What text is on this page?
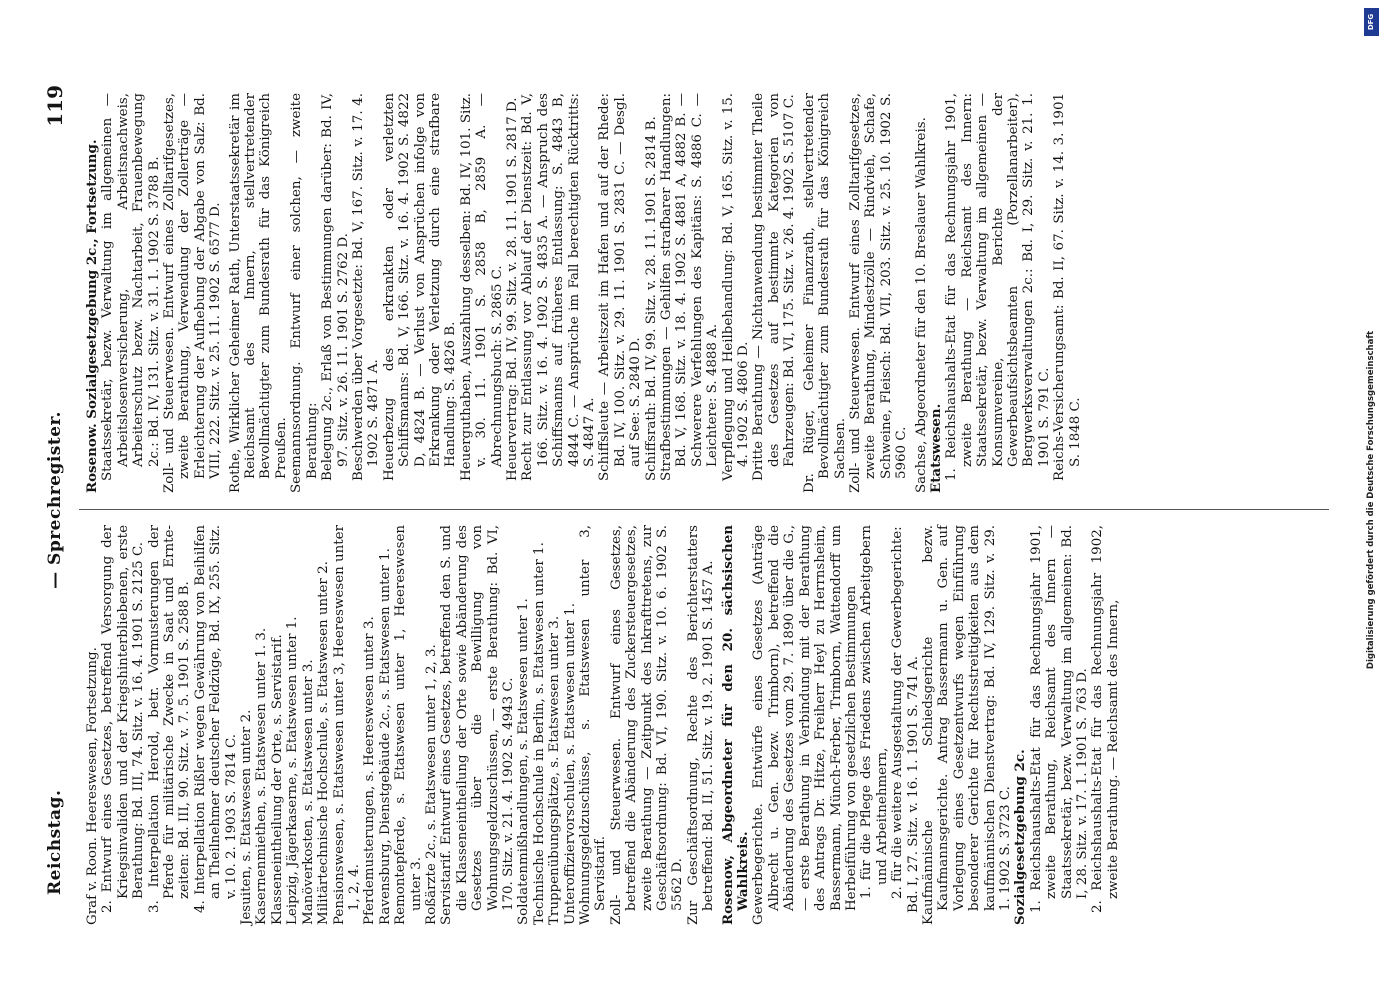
Reichstag.
— Sprechregister.
119

Graf v. Roon. Heereswesen, Fortsetzung. 2. Entwurf eines Gesetzes, betreffend Versorgung der Kriegsinvaliden und der Kriegshinterbliebenen, erste Berathung: Bd. III, 74. Sitz. v. 16. 4. 1901 S. 2125 C. 3. Interpellation Herold, betr. Vormusterungen der Pferde für militärische Zwecke in Saat und Erntezeiten: Bd. III, 90. Sitz. v. 7. 5. 1901 S. 2588 B. 4. Interpellation Rißler wegen Gewährung von Beihilfen an Theilnehmer deutscher Feldzüge, Bd. IX, 255. Sitz. v. 10. 2. 1903 S. 7814 C. Jesuiten, s. Etatswesen unter 2. Kasernenmiethen, s. Etatswesen unter 1. 3. Klasseneintheilung der Orte, s. Servistarif. Leipzig, Jägerkaserne, s. Etatswesen unter 1. Manöverkosten, s. Etatswesen unter 3. Militärtechnische Hochschule, s. Etatswesen unter 2. Pensionswesen, s. Etatswesen unter 3, Heereswesen unter 1, 2, 4. Pferdemusterungen, s. Heereswesen unter 3. Ravensburg, Dienstgebäude 2c., s. Etatswesen unter 1. Remontepferde, s. Etatswesen unter 1, Heereswesen unter 3. Roßärzte 2c., s. Etatswesen unter 1, 2, 3. Servistarif. Entwurf eines Gesetzes, betreffend den S. und die Klasseneintheilung der Orte sowie Abänderung des Gesetzes über die Bewilligung von Wohnungsgeldzuschüssen, — erste Berathung: Bd. VI, 170. Sitz. v. 21. 4. 1902 S. 4943 C. Soldatenmißhandlungen, s. Etatswesen unter 1. Technische Hochschule in Berlin, s. Etatswesen unter 1. Truppenübungsplätze, s. Etatswesen unter 3. Unteroffiziervorschulen, s. Etatswesen unter 1. Wohnungsgeldzuschüsse, s. Etatswesen unter 3, Servistarif. Zoll- und Steuerwesen. Entwurf eines Gesetzes, betreffend die Abänderung des Zuckersteuergesetzes, zweite Berathung — Zeitpunkt des Inkrafttretens, zur Geschäftsordnung: Bd. VI, 190. Sitz. v. 10. 6. 1902 S. 5562 D. Zur Geschäftsordnung, Rechte des Berichterstatters betreffend: Bd. II, 51. Sitz. v. 19. 2. 1901 S. 1457 A. Rosenow, Abgeordneter für den 20. sächsischen Wahlkreis. Gewerbegerichte. Entwürfe eines Gesetzes (Anträge Albrecht u. Gen. bezw. Trimborn), betreffend die Abänderung des Gesetzes vom 29. 7. 1890 über die G., — erste Berathung in Verbindung mit der Berathung des Antrags Dr. Hitze, Freiherr Heyl zu Herrnsheim, Bassermann, Münch-Ferber, Trimborn, Wattendorff um Herbeiführung von gesetzlichen Bestimmungen 1. für die Pflege des Friedens zwischen Arbeitgebern und Arbeitnehmern, 2. für die weitere Ausgestaltung der Gewerbegerichte: Bd. I, 27. Sitz. v. 16. 1. 1901 S. 741 A. Kaufmännische Schiedsgerichte bezw. Kaufmannsgerichte. Antrag Bassermann u. Gen. auf Vorlegung eines Gesetzentwurfs wegen Einführung besonderer Gerichte für Rechtsstreitigkeiten aus dem kaufmännischen Dienstvertrag: Bd. IV, 129. Sitz. v. 29. 1. 1902 S. 3723 C. Sozialgesetzgebung 2c. 1. Reichshaushalts-Etat für das Rechnungsjahr 1901, zweite Berathung, Reichsamt des Innern — Staatssekretär, bezw. Verwaltung im allgemeinen: Bd. I, 28. Sitz. v. 17. 1. 1901 S. 763 D. 2. Reichshaushalts-Etat für das Rechnungsjahr 1902, zweite Berathung. — Reichsamt des Innern,

Rosenow. Sozialgesetzgebung 2c., Fortsetzung. Staatssekretär, bezw. Verwaltung im allgemeinen — Arbeitslosenversicherung, Arbeitsnachweis, Arbeiterschutz bezw. Nachtarbeit, Frauenbewegung 2c.: Bd. IV, 131. Sitz. v. 31. 1. 1902 S. 3788 B. Zoll- und Steuerwesen. Entwurf eines Zolltarifgesetzes, zweite Berathung, Verwendung der Zollerträge — Erleichterung der Aufhebung der Abgabe von Salz: Bd. VIII, 222. Sitz. v. 25. 11. 1902 S. 6577 D. Rothe, Wirklicher Geheimer Rath, Unterstaatssekretär im Reichsamt des Innern, stellvertretender Bevollmächtigter zum Bundesrath für das Königreich Preußen. Seemannsordnung. Entwurf einer solchen, — zweite Berathung: Belegung 2c., Erlaß von Bestimmungen darüber: Bd. IV, 97. Sitz. v. 26. 11. 1901 S. 2762 D. Beschwerden über Vorgesetzte: Bd. V, 167. Sitz. v. 17. 4. 1902 S. 4871 A. Heuerbezug des erkrankten oder verletzten Schiffsmanns: Bd. V, 166. Sitz. v. 16. 4. 1902 S. 4822 D, 4824 B. — Verlust von Ansprüchen infolge von Erkrankung oder Verletzung durch eine strafbare Handlung: S. 4826 B. Heuerguthaben, Auszahlung desselben: Bd. IV, 101. Sitz. v. 30. 11. 1901 S. 2858 B, 2859 A. — Abrechnungsbuch: S. 2865 C. Heuervertrag: Bd. IV, 99. Sitz. v. 28. 11. 1901 S. 2817 D. Recht zur Entlassung vor Ablauf der Dienstzeit: Bd. V, 166. Sitz. v. 16. 4. 1902 S. 4835 A. — Anspruch des Schiffsmanns auf früheres Entlassung: S. 4843 B, 4844 C. — Ansprüche im Fall berechtigten Rücktritts: S. 4847 A. Schiffsleute — Arbeitszeit im Hafen und auf der Rhede: Bd. IV, 100. Sitz. v. 29. 11. 1901 S. 2831 C. — Desgl. auf See: S. 2840 D. Schiffsrath: Bd. IV, 99. Sitz. v. 28. 11. 1901 S. 2814 B. Strafbestimmungen — Gehilfen strafbarer Handlungen: Bd. V, 168. Sitz. v. 18. 4. 1902 S. 4881 A, 4882 B. — Schwerere Verfehlungen des Kapitäns: S. 4886 C. — Leichtere: S. 4888 A. Verpflegung und Heilbehandlung: Bd. V, 165. Sitz. v. 15. 4. 1902 S. 4806 D. Dritte Berathung — Nichtanwendung bestimmter Theile des Gesetzes auf bestimmte Kategorien von Fahrzeugen: Bd. VI, 175. Sitz. v. 26. 4. 1902 S. 5107 C. Dr. Rüger, Geheimer Finanzrath, stellvertretender Bevollmächtigter zum Bundesrath für das Königreich Sachsen. Zoll- und Steuerwesen. Entwurf eines Zolltarifgesetzes, zweite Berathung, Mindestzölle — Rindvieh, Schafe, Schweine, Fleisch: Bd. VII, 203. Sitz. v. 25. 10. 1902 S. 5960 C. Sachse, Abgeordneter für den 10. Breslauer Wahlkreis. Etatswesen. 1. Reichshaushalts-Etat für das Rechnungsjahr 1901, zweite Berathung — Reichsamt des Innern: Staatssekretär, bezw. Verwaltung im allgemeinen — Konsumvereine, Berichte der Gewerbeaufsichtsbeamten (Porzellanarbeiter), Bergwerksverwaltungen 2c.: Bd. I, 29. Sitz. v. 21. 1. 1901 S. 791 C. Reichs-Versicherungsamt: Bd. II, 67. Sitz. v. 14. 3. 1901 S. 1848 C.

DFG
Digitalisierung gefördert durch die Deutsche Forschungsgemeinschaft
